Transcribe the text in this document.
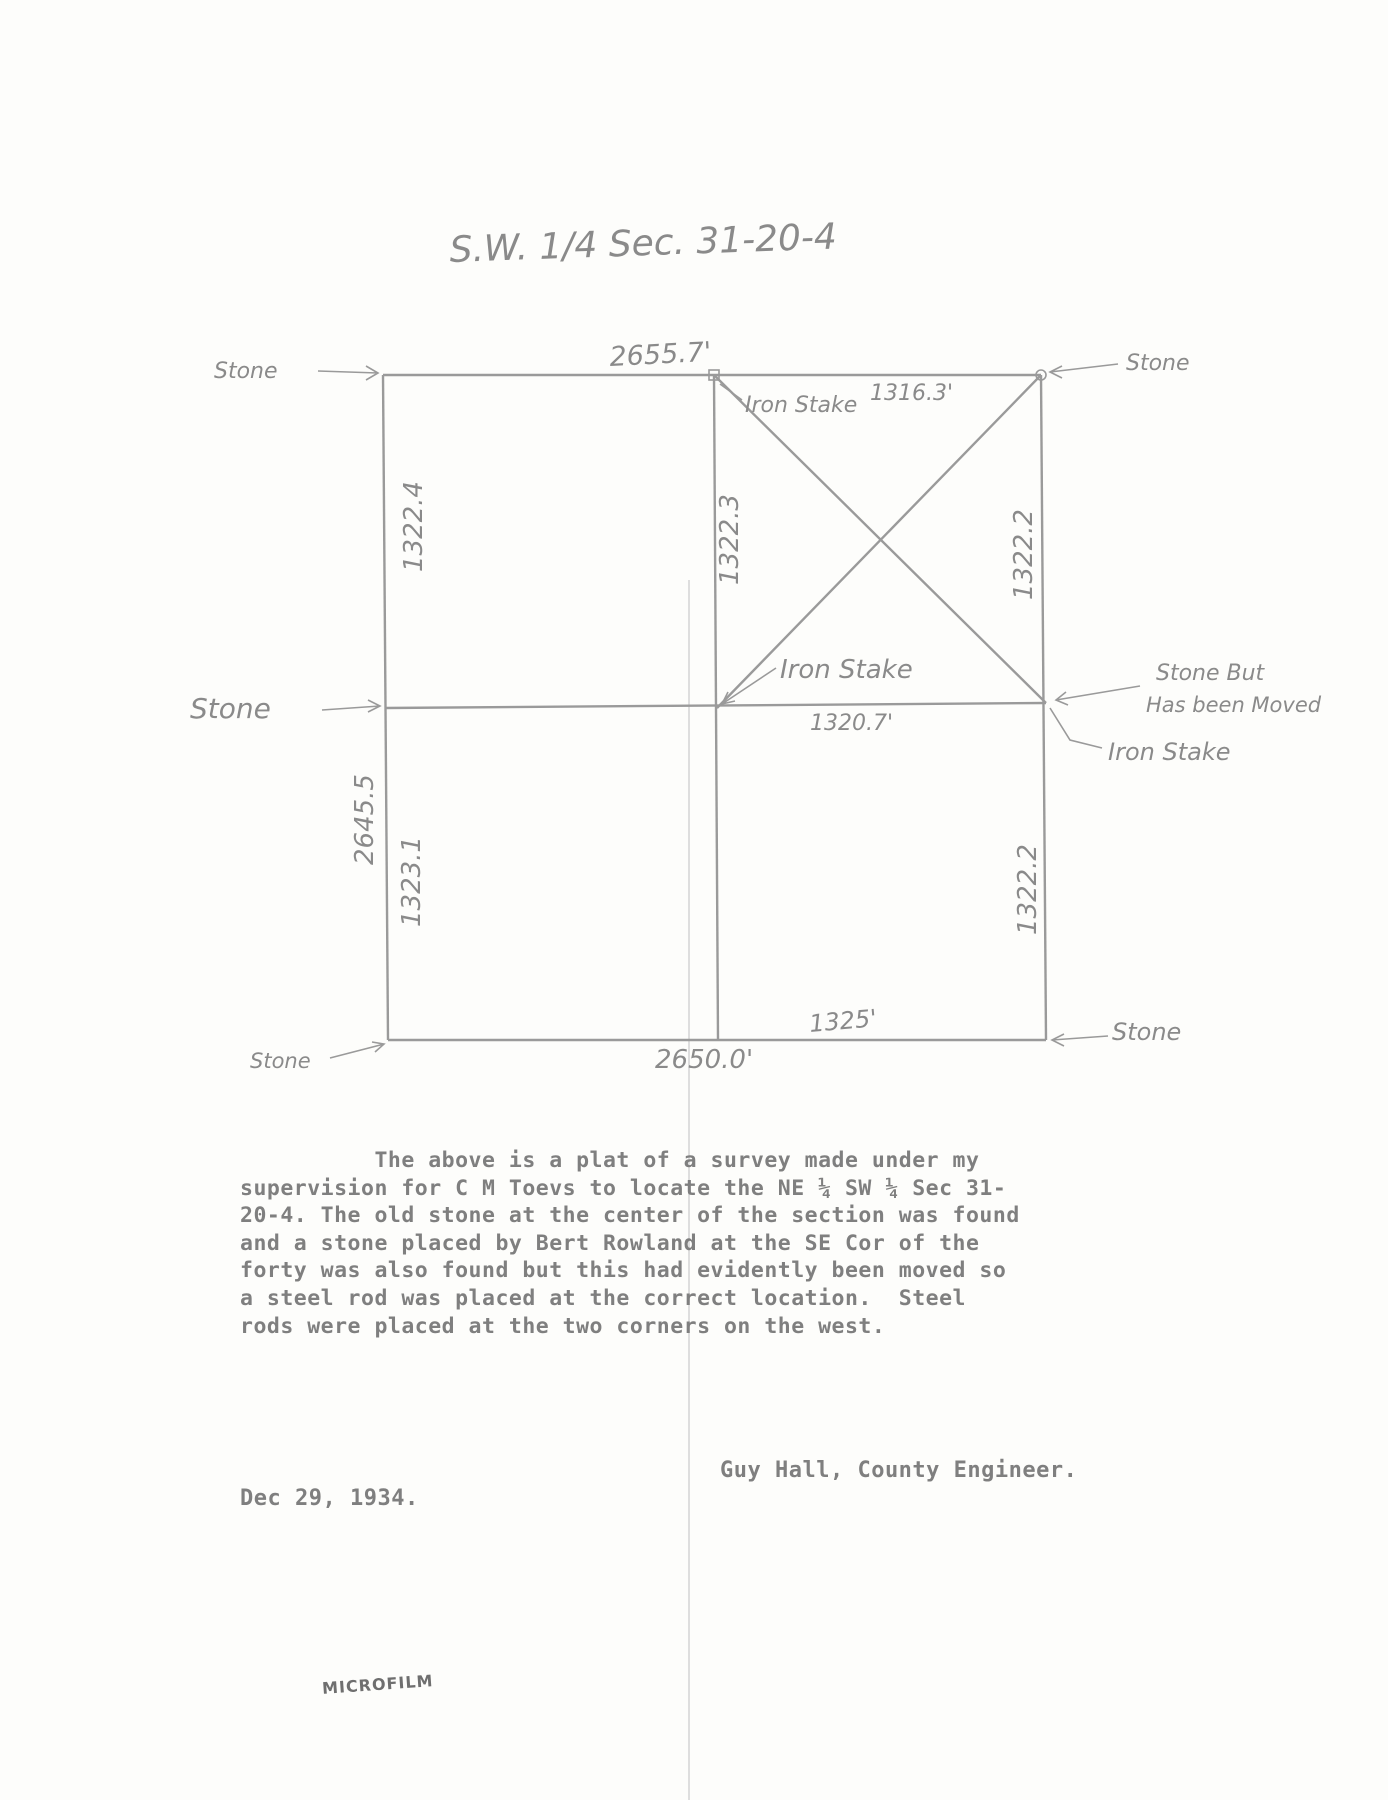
S.W. 1/4 Sec. 31-20-4
2655.7'
1316.3'
1320.7'
1325'
2650.0'
1322.4
1323.1
2645.5
1322.3	1322.2
1322.2
Stone	Stone
Stone
Stone
Stone
Iron Stake
Iron Stake	Stone But
Has been Moved
Iron Stake
The above is a plat of a survey made under my
supervision for C M Toevs to locate the NE ¼ SW ¼ Sec 31-
20-4. The old stone at the center of the section was found
and a stone placed by Bert Rowland at the SE Cor of the
forty was also found but this had evidently been moved so
a steel rod was placed at the correct location.  Steel
rods were placed at the two corners on the west.
Guy Hall, County Engineer.
Dec 29, 1934.
MICROFILM
